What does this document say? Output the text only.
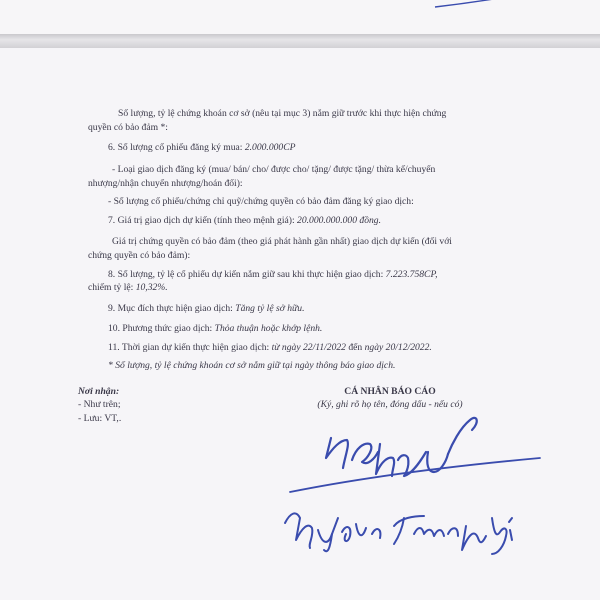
Số lượng, tỷ lệ chứng khoán cơ sở (nêu tại mục 3) nắm giữ trước khi thực hiện chứng
quyền có bảo đảm *:
6. Số lượng cổ phiếu đăng ký mua: 2.000.000CP
- Loại giao dịch đăng ký (mua/ bán/ cho/ được cho/ tặng/ được tặng/ thừa kế/chuyển
nhượng/nhận chuyển nhượng/hoán đổi):
- Số lượng cổ phiếu/chứng chỉ quỹ/chứng quyền có bảo đảm đăng ký giao dịch:
7. Giá trị giao dịch dự kiến (tính theo mệnh giá): 20.000.000.000 đồng.
Giá trị chứng quyền có bảo đảm (theo giá phát hành gần nhất) giao dịch dự kiến (đối với
chứng quyền có bảo đảm):
8. Số lượng, tỷ lệ cổ phiếu dự kiến nắm giữ sau khi thực hiện giao dịch: 7.223.758CP,
chiếm tỷ lệ: 10,32%.
9. Mục đích thực hiện giao dịch: Tăng tỷ lệ sở hữu.
10. Phương thức giao dịch: Thỏa thuận hoặc khớp lệnh.
11. Thời gian dự kiến thực hiện giao dịch: từ ngày 22/11/2022 đến ngày 20/12/2022.
* Số lượng, tỷ lệ chứng khoán cơ sở nắm giữ tại ngày thông báo giao dịch.
Nơi nhận:
- Như trên;
- Lưu: VT,.
CÁ NHÂN BÁO CÁO
(Ký, ghi rõ họ tên, đóng dấu - nếu có)
